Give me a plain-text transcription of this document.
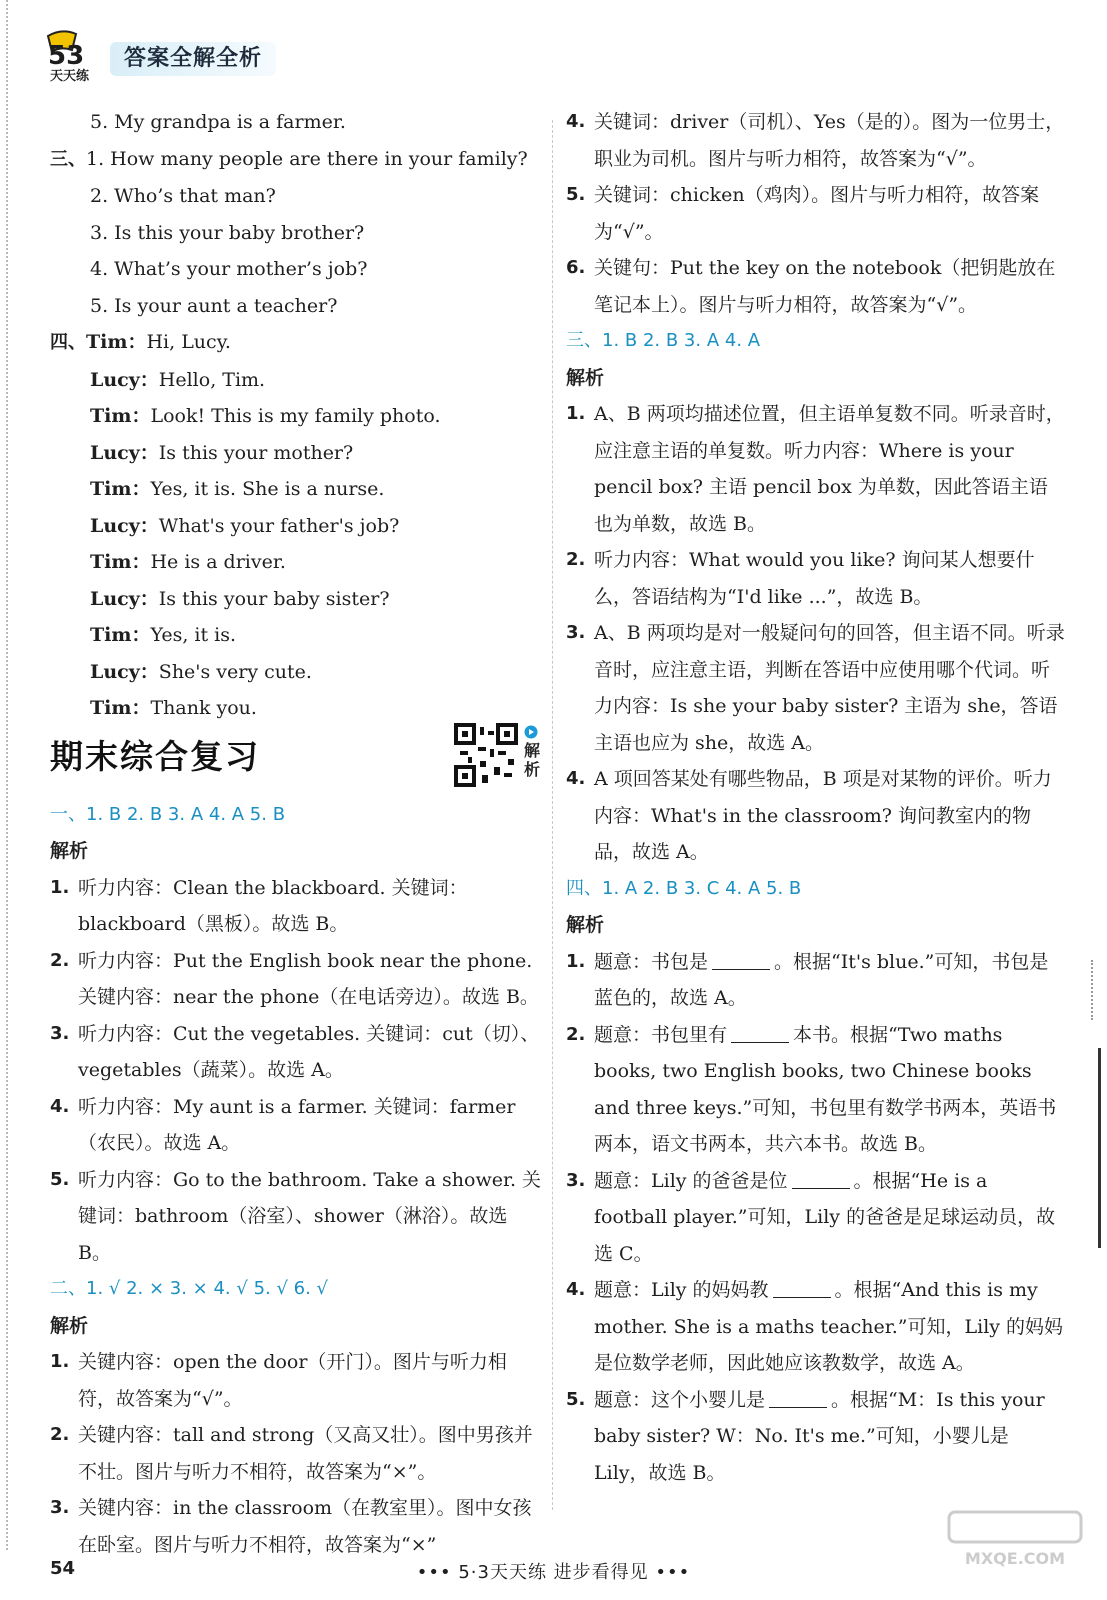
53
天天练
答案全解全析
5. My grandpa is a farmer.
三、1. How many people are there in your family?
2. Who’s that man?
3. Is this your baby brother?
4. What’s your mother’s job?
5. Is your aunt a teacher?
四、Tim：Hi, Lucy.
Lucy：Hello, Tim.
Tim：Look! This is my family photo.
Lucy：Is this your mother?
Tim：Yes, it is. She is a nurse.
Lucy：What's your father's job?
Tim：He is a driver.
Lucy：Is this your baby sister?
Tim：Yes, it is.
Lucy：She's very cute.
Tim：Thank you.
期末综合复习	解析
一、1. B 2. B 3. A 4. A 5. B
解析
1. 听力内容：Clean the blackboard. 关键词：blackboard（黑板）。故选 B。
2. 听力内容：Put the English book near the phone. 关键内容：near the phone（在电话旁边）。故选 B。
3. 听力内容：Cut the vegetables. 关键词：cut（切）、vegetables（蔬菜）。故选 A。
4. 听力内容：My aunt is a farmer. 关键词：farmer（农民）。故选 A。
5. 听力内容：Go to the bathroom. Take a shower. 关键词：bathroom（浴室）、shower（淋浴）。故选 B。
二、1. √ 2. × 3. × 4. √ 5. √ 6. √
解析
1. 关键内容：open the door（开门）。图片与听力相符，故答案为“√”。
2. 关键内容：tall and strong（又高又壮）。图中男孩并不壮。图片与听力不相符，故答案为“×”。
3. 关键内容：in the classroom（在教室里）。图中女孩在卧室。图片与听力不相符，故答案为“×”
4. 关键词：driver（司机）、Yes（是的）。图为一位男士，职业为司机。图片与听力相符，故答案为“√”。
5. 关键词：chicken（鸡肉）。图片与听力相符，故答案为“√”。
6. 关键句：Put the key on the notebook（把钥匙放在笔记本上）。图片与听力相符，故答案为“√”。
三、1. B 2. B 3. A 4. A
解析
1. A、B 两项均描述位置，但主语单复数不同。听录音时，应注意主语的单复数。听力内容：Where is your pencil box? 主语 pencil box 为单数，因此答语主语也为单数，故选 B。
2. 听力内容：What would you like? 询问某人想要什么，答语结构为“I'd like ...”，故选 B。
3. A、B 两项均是对一般疑问句的回答，但主语不同。听录音时，应注意主语，判断在答语中应使用哪个代词。听力内容：Is she your baby sister? 主语为 she，答语主语也应为 she，故选 A。
4. A 项回答某处有哪些物品，B 项是对某物的评价。听力内容：What's in the classroom? 询问教室内的物品，故选 A。
四、1. A 2. B 3. C 4. A 5. B
解析
1. 题意：书包是	。根据“It's blue.”可知，书包是蓝色的，故选 A。
2. 题意：书包里有	本书。根据“Two maths books, two English books, two Chinese books and three keys.”可知，书包里有数学书两本，英语书两本，语文书两本，共六本书。故选 B。
3. 题意：Lily 的爸爸是位	。根据“He is a football player.”可知，Lily 的爸爸是足球运动员，故选 C。
4. 题意：Lily 的妈妈教	。根据“And this is my mother. She is a maths teacher.”可知，Lily 的妈妈是位数学老师，因此她应该教数学，故选 A。
5. 题意：这个小婴儿是	。根据“M：Is this your baby sister? W：No. It's me.”可知，小婴儿是 Lily，故选 B。
MXQE.COM
54	••• 5·3天天练 进步看得见 •••
